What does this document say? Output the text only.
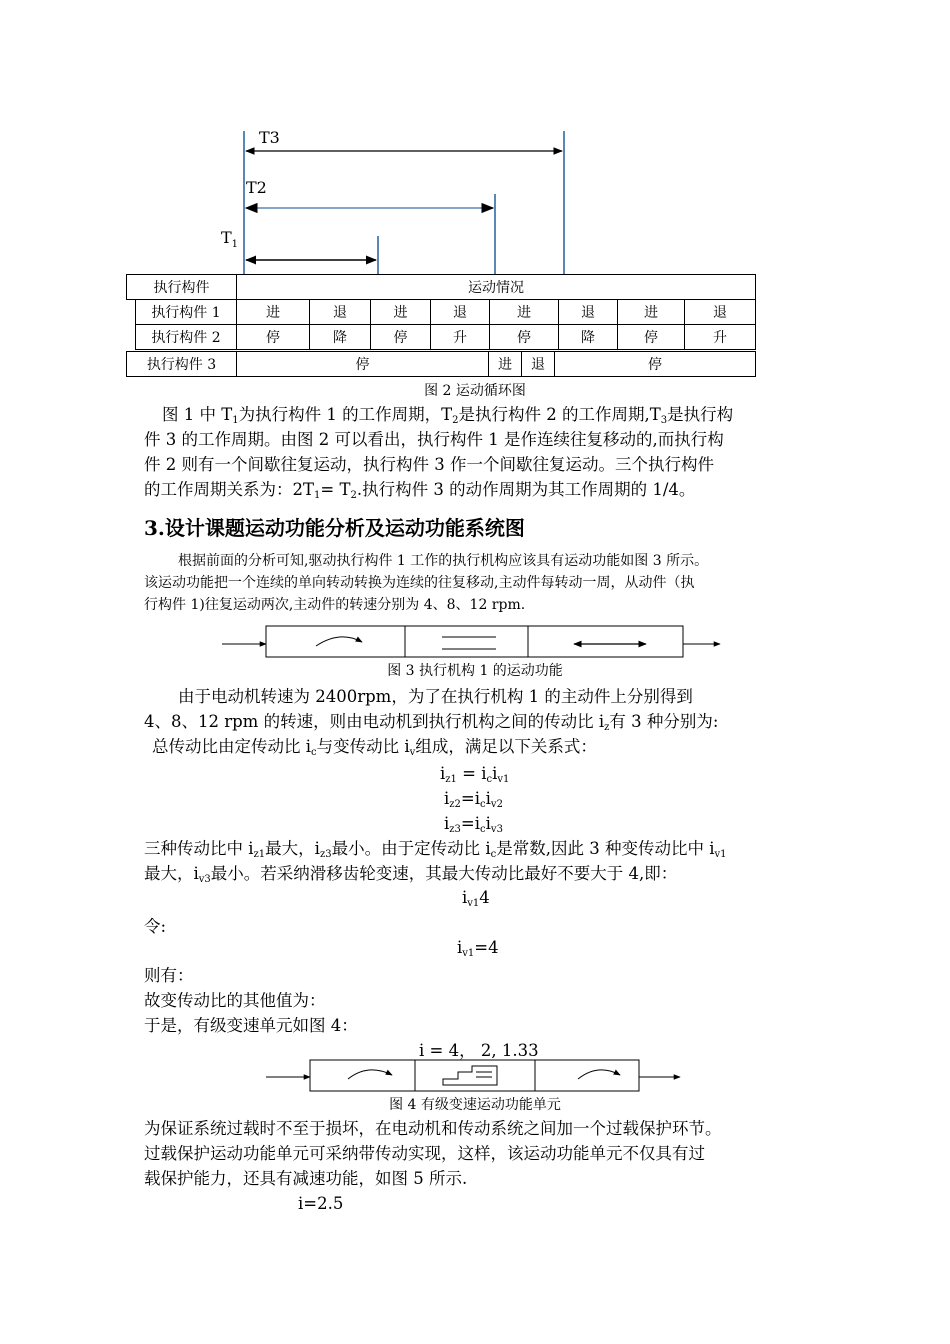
T3
T2
$T_1$
执行构件	运动情况
执行构件 1	进	退	进	退	进	退	进	退
执行构件 2	停	降	停	升	停	降	停	升
执行构件 3	停	进	退	停
图 2 运动循环图

图 1 中 $T_1$为执行构件 1 的工作周期，$T_2$是执行构件 2 的工作周期$,T_3$是执行构
件 3 的工作周期。由图 2 可以看出，执行构件 1 是作连续往复移动的,而执行构
件 2 则有一个间歇往复运动，执行构件 3 作一个间歇往复运动。三个执行构件
的工作周期关系为：$2T_1= T_2$.执行构件 3 的动作周期为其工作周期的 1/4。

3.设计课题运动功能分析及运动功能系统图

根据前面的分析可知,驱动执行构件 1 工作的执行机构应该具有运动功能如图 3 所示。
该运动功能把一个连续的单向转动转换为连续的往复移动,主动件每转动一周，从动件（执
行构件 1)往复运动两次,主动件的转速分别为 4、8、12 rpm.

图 3 执行机构 1 的运动功能

由于电动机转速为 2400rpm，为了在执行机构 1 的主动件上分别得到
4、8、12 rpm 的转速，则由电动机到执行机构之间的传动比 $i_z$有 3 种分别为:
总传动比由定传动比 $i_c$与变传动比 $i_v$组成，满足以下关系式：

$i_{z1} = i_ci_{v1}$
$i_{z2}=i_ci_{v2}$
$i_{z3}=i_ci_{v3}$

三种传动比中 $i_{z1}$最大，$i_{z3}$最小。由于定传动比 $i_c$是常数,因此 3 种变传动比中 $i_{v1}$
最大，$i_{v3}$最小。若采纳滑移齿轮变速，其最大传动比最好不要大于 4,即：

$i_{v1}4$
令:
$i_{v1}=4$
则有：
故变传动比的其他值为：
于是，有级变速单元如图 4：
i = 4， 2, 1.33
图 4 有级变速运动功能单元

为保证系统过载时不至于损坏，在电动机和传动系统之间加一个过载保护环节。
过载保护运动功能单元可采纳带传动实现，这样，该运动功能单元不仅具有过
载保护能力，还具有减速功能，如图 5 所示.

i=2.5
